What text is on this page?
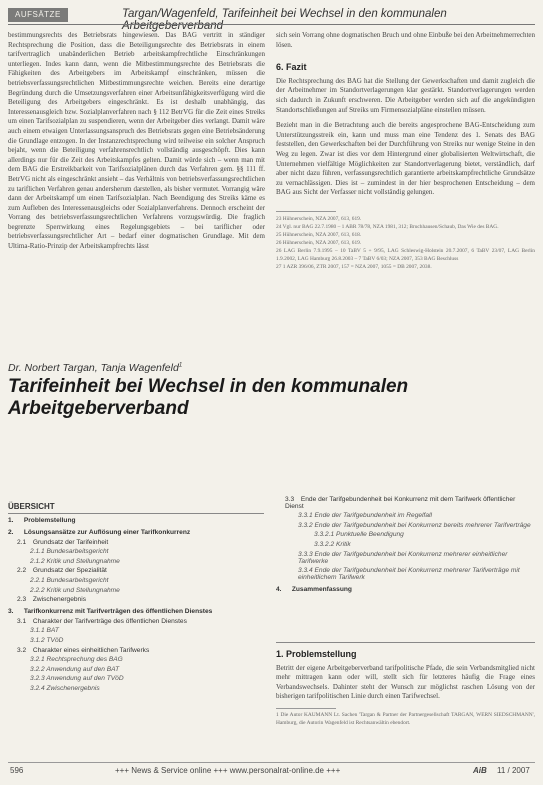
AUFSÄTZE	Targan/Wagenfeld, Tarifeinheit bei Wechsel in den kommunalen Arbeitgeberverband

bestimmungsrechts des Betriebsrats hingewiesen. Das BAG vertritt in ständiger Rechtsprechung die Position, dass die Beteiligungsrechte des Betriebsrats in einem tarifvertraglich unabänderlichen Betrieb arbeitskampfrechtliche Einschränkungen unterliegen. Indes kann dann, wenn die Mitbestimmungsrechte des Betriebsrats die Fähigkeiten des Arbeitgebers im Arbeitskampf einschränken, müssen die betriebsverfassungsrechtlichen Mitbestimmungsrechte weichen. Bereits eine derartige Begründung durch die Umsetzungsverfahren einer Arbeitsunfähigkeitsverfügung wird die Beteiligung des Arbeitgebers eingeschränkt. Es ist deshalb unabhängig, das Interessenausgleich bzw. Sozialplanverfahren nach § 112 BetrVG für die Zeit eines Streiks um einen Tarifsozialplan zu suspendieren, wenn der Arbeitgeber dies verlangt. Damit wäre auch einem etwaigen Unterlassungsanspruch des Betriebsrats gegen eine Betriebsänderung die Grundlage entzogen. In der Instanzrechtsprechung wird teilweise ein solcher Anspruch bejaht, wenn die Beteiligung verfahrensrechtlich vollständig ausgeschöpft. Dies kann allerdings nur für die Zeit des Arbeitskampfes gelten. Damit würde sich – wenn man mit dem BAG die Erstreikbarkeit von Tarifsozialplänen durch das Verfahren gem. §§ 111 ff. BetrVG nicht als eingeschränkt ansieht – das Verhältnis von betriebsverfassungsrechtlichen zu tariflichen Verfahren genau andersherum darstellen, als bisher vermutet. Vorrangig wäre dann der Arbeitskampf um einen Tarifsozialplan. Nach Beendigung des Streiks käme es zum Aufleben des Interessenausgleichs oder Sozialplanverfahrens. Dennoch erscheint der Vorrang des betriebsverfassungsrechtlichen Verfahrens vorzugswürdig. Die fraglich begrenzte Sperrwirkung eines Regelungsgebiets – bei tariflicher oder betriebsverfassungsrechtlicher Art – bedarf einer dogmatischen Grundlage. Mit dem Ultima-Ratio-Prinzip der Arbeitskampfrechts lässt

sich sein Vorrang ohne dogmatischen Bruch und ohne Einbuße bei den Arbeitnehmerrechten lösen.

6. Fazit

Die Rechtsprechung des BAG hat die Stellung der Gewerkschaften und damit zugleich die der Arbeitnehmer im Standortverlagerungen klar gestärkt. Standortverlagerungen werden sich dadurch in Zukunft erschweren. Die Arbeitgeber werden sich auf die angekündigten Standortschließungen auf Streiks um Firmensozialpläne einstellen müssen.

Bezieht man in die Betrachtung auch die bereits angesprochene BAG-Entscheidung zum Unterstützungsstreik ein, kann und muss man eine Tendenz des 1. Senats des BAG feststellen, den Gewerkschaften bei der Durchführung von Streiks nur wenige Steine in den Weg zu legen. Zwar ist dies vor dem Hintergrund einer globalisierten Weltwirtschaft, die Unternehmen vielfältige Möglichkeiten zur Standortverlagerung bietet, verständlich, darf aber nicht dazu führen, verfassungsrechtlich garantierte arbeitskampfrechtliche Grundsätze zu vernachlässigen. Dies ist – zumindest in der hier besprochenen Entscheidung – dem BAG aus Sicht der Verfasser nicht vollständig gelungen.

23 Hühnerschein, NZA 2007, 613, 619.
24 Vgl. nur BAG 22.7.1980 – 1 ABR 78/78, NZA 1981, 312; Bruchhausen/Schaub, Das Wie des BAG.
25 Hühnerschein, NZA 2007, 613, 618.
26 Hühnerschein, NZA 2007, 613, 619.
26 LAG Berlin 7.9.1995 – 10 TaBV 5 + 9/95, LAG Schleswig-Holstein 20.7.2007, 6 TaBV 23/07, LAG Berlin 1.9.2002, LAG Hamburg 26.8.2003 – 7 TaBV 6/03; NZA 2007, 353 BAG Beschluss
27 1 AZR 396/06, ZTR 2007, 157 = NZA 2007, 1055 = DB 2007, 2038.
Dr. Norbert Targan, Tanja Wagenfeld$^1$
Tarifeinheit bei Wechsel in den kommunalen Arbeitgeberverband
ÜBERSICHT
1. Problemstellung
2. Lösungsansätze zur Auflösung einer Tarifkonkurrenz
2.1 Grundsatz der Tarifeinheit
2.1.1 Bundesarbeitsgericht
2.1.2 Kritik und Stellungnahme
2.2 Grundsatz der Spezialität
2.2.1 Bundesarbeitsgericht
2.2.2 Kritik und Stellungnahme
2.3 Zwischenergebnis
3. Tarifkonkurrenz mit Tarifverträgen des öffentlichen Dienstes
3.1 Charakter der Tarifverträge des öffentlichen Dienstes
3.1.1 BAT
3.1.2 TVöD
3.2 Charakter eines einheitlichen Tarifwerks
3.2.1 Rechtsprechung des BAG
3.2.2 Anwendung auf den BAT
3.2.3 Anwendung auf den TVöD
3.2.4 Zwischenergebnis
3.3 Ende der Tarifgebundenheit bei Konkurrenz mit dem Tarifwerk öffentlicher Dienst
3.3.1 Ende der Tarifgebundenheit im Regelfall
3.3.2 Ende der Tarifgebundenheit bei Konkurrenz bereits mehrerer Tarifverträge
3.3.2.1 Punktuelle Beendigung
3.3.2.2 Kritik
3.3.3 Ende der Tarifgebundenheit bei Konkurrenz mehrerer einheitlicher Tarifwerke
3.3.4 Ende der Tarifgebundenheit bei Konkurrenz mehrerer Tarifverträge mit einheitlichem Tarifwerk
4. Zusammenfassung
1. Problemstellung

Betritt der eigene Arbeitgeberverband tarifpolitische Pfade, die sein Verbandsmitglied nicht mehr mittragen kann oder will, stellt sich für letzteres häufig die Frage eines Verbandswechsels. Dahinter steht der Wunsch zur möglichst raschen Lösung von der bisherigen tarifpolitischen Linie durch einen Tarifwechsel.

1 Die Autor KAUMANN Lt. Sachen 'Targan & Partner der Partnergesellschaft TARGAN, WERN SIEDSCHMANN', Hamburg, die Autorin Wagenfeld ist Rechtsanwältin ebendort.
596	+++ News & Service online +++ www.personalrat-online.de +++	AiB 11 / 2007
